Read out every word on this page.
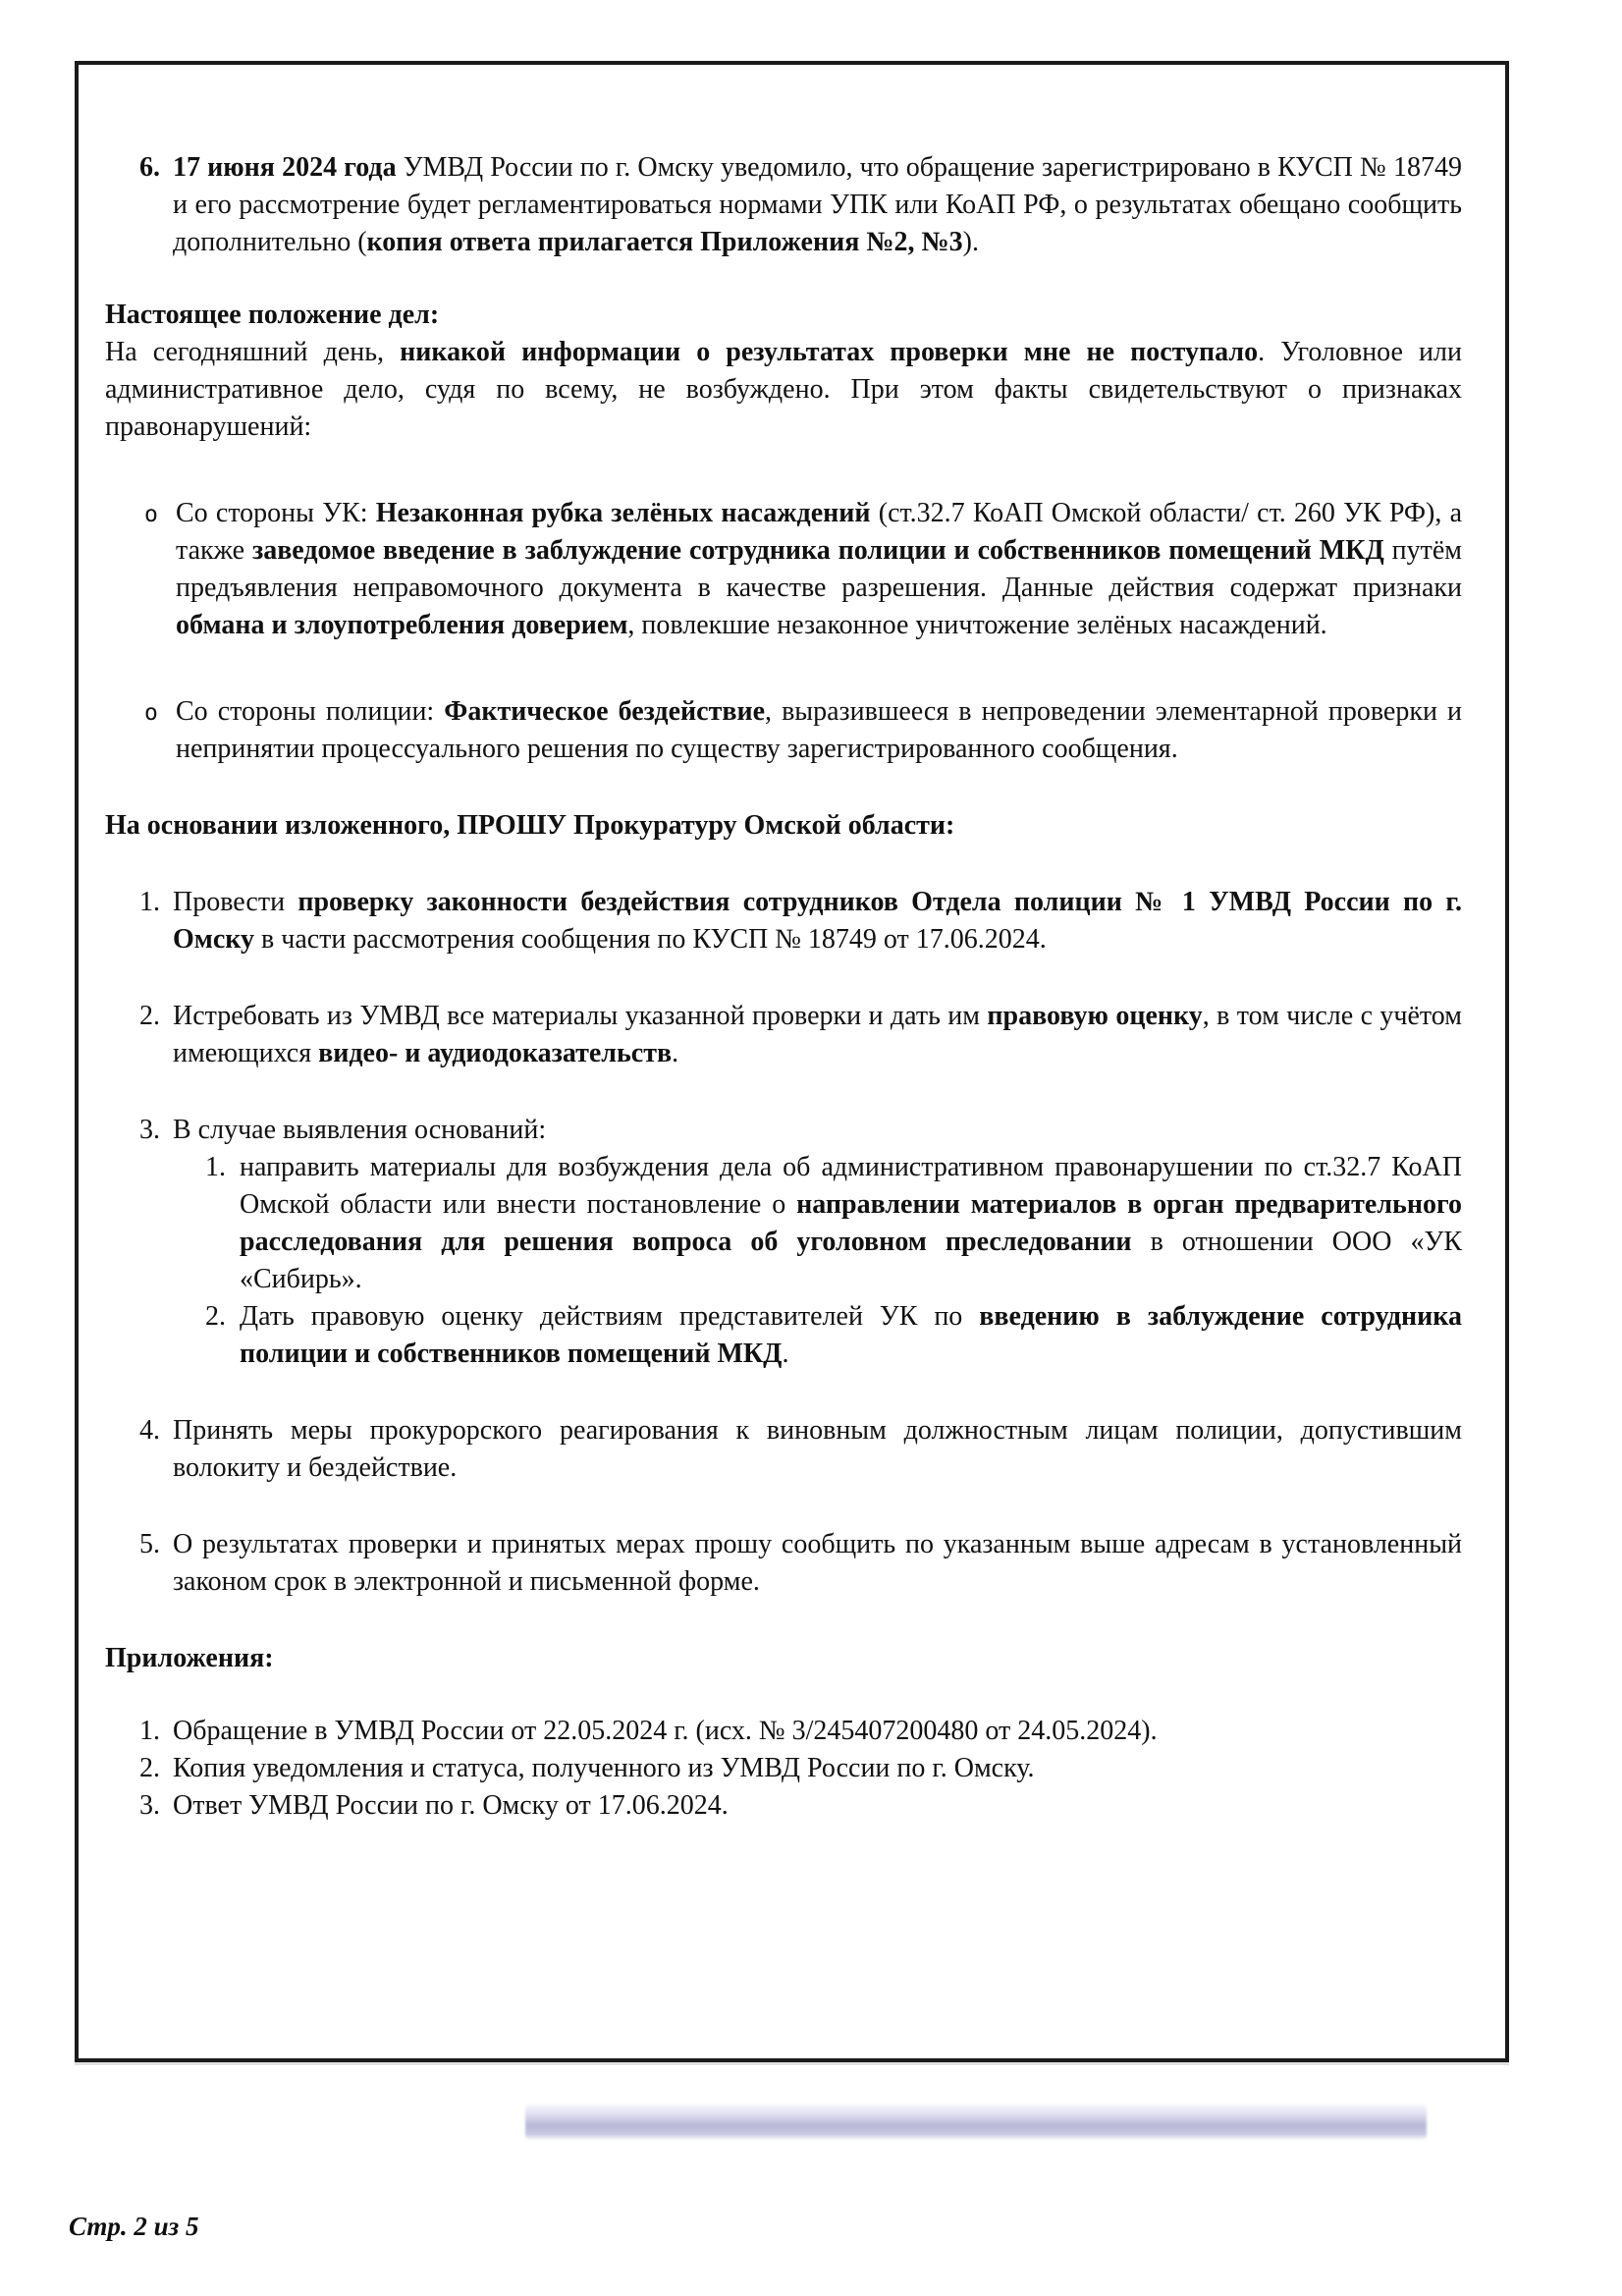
6. 17 июня 2024 года УМВД России по г. Омску уведомило, что обращение зарегистрировано в КУСП № 18749 и его рассмотрение будет регламентироваться нормами УПК или КоАП РФ, о результатах обещано сообщить дополнительно (копия ответа прилагается Приложения №2, №3).
Настоящее положение дел:
На сегодняшний день, никакой информации о результатах проверки мне не поступало. Уголовное или административное дело, судя по всему, не возбуждено. При этом факты свидетельствуют о признаках правонарушений:
o Со стороны УК: Незаконная рубка зелёных насаждений (ст.32.7 КоАП Омской области/ ст. 260 УК РФ), а также заведомое введение в заблуждение сотрудника полиции и собственников помещений МКД путём предъявления неправомочного документа в качестве разрешения. Данные действия содержат признаки обмана и злоупотребления доверием, повлекшие незаконное уничтожение зелёных насаждений.
o Со стороны полиции: Фактическое бездействие, выразившееся в непроведении элементарной проверки и непринятии процессуального решения по существу зарегистрированного сообщения.
На основании изложенного, ПРОШУ Прокуратуру Омской области:
1. Провести проверку законности бездействия сотрудников Отдела полиции № 1 УМВД России по г. Омску в части рассмотрения сообщения по КУСП № 18749 от 17.06.2024.
2. Истребовать из УМВД все материалы указанной проверки и дать им правовую оценку, в том числе с учётом имеющихся видео- и аудиодоказательств.
3. В случае выявления оснований:
1. направить материалы для возбуждения дела об административном правонарушении по ст.32.7 КоАП Омской области или внести постановление о направлении материалов в орган предварительного расследования для решения вопроса об уголовном преследовании в отношении ООО «УК «Сибирь».
2. Дать правовую оценку действиям представителей УК по введению в заблуждение сотрудника полиции и собственников помещений МКД.
4. Принять меры прокурорского реагирования к виновным должностным лицам полиции, допустившим волокиту и бездействие.
5. О результатах проверки и принятых мерах прошу сообщить по указанным выше адресам в установленный законом срок в электронной и письменной форме.
Приложения:
1. Обращение в УМВД России от 22.05.2024 г. (исх. № 3/245407200480 от 24.05.2024).
2. Копия уведомления и статуса, полученного из УМВД России по г. Омску.
3. Ответ УМВД России по г. Омску от 17.06.2024.
Стр. 2 из 5
